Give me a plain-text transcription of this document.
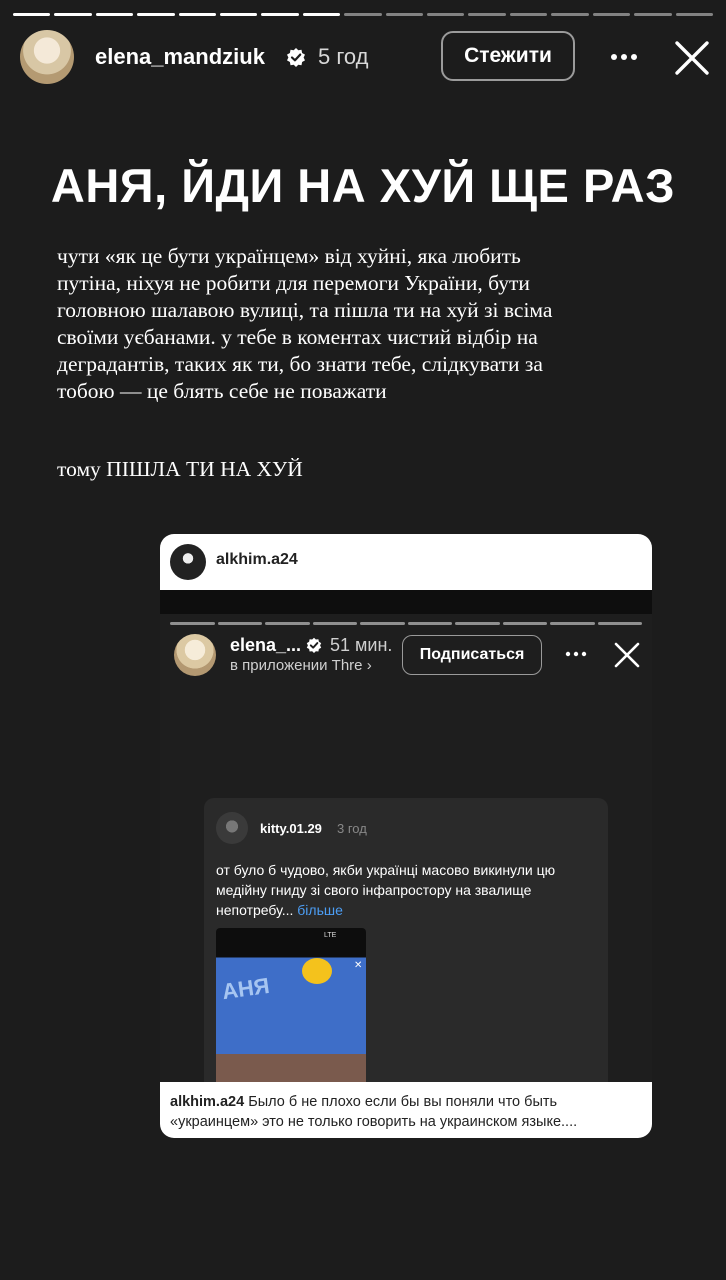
elena_mandziuk 5 год	Стежити
АНЯ, ЙДИ НА ХУЙ ЩЕ РАЗ
чути «як це бути українцем» від хуйні, яка любить путіна, ніхуя не робити для перемоги України, бути головною шалавою вулиці, та пішла ти на хуй зі всіма своїми уєбанами. у тебе в коментах чистий відбір на деградантів, таких як ти, бо знати тебе, слідкувати за тобою — це блять себе не поважати
тому ПІШЛА ТИ НА ХУЙ
alkhim.a24
elena_... 51 мин.
в приложении Thre ›
Подписаться
kitty.01.29 3 год
от було б чудово, якби українці масово викинули цю медійну гниду зі свого інфапростору на звалище непотребу... більше
LTE
✕
АНЯ
alkhim.a24 Было б не плохо если бы вы поняли что быть «украинцем» это не только говорить на украинском языке....
